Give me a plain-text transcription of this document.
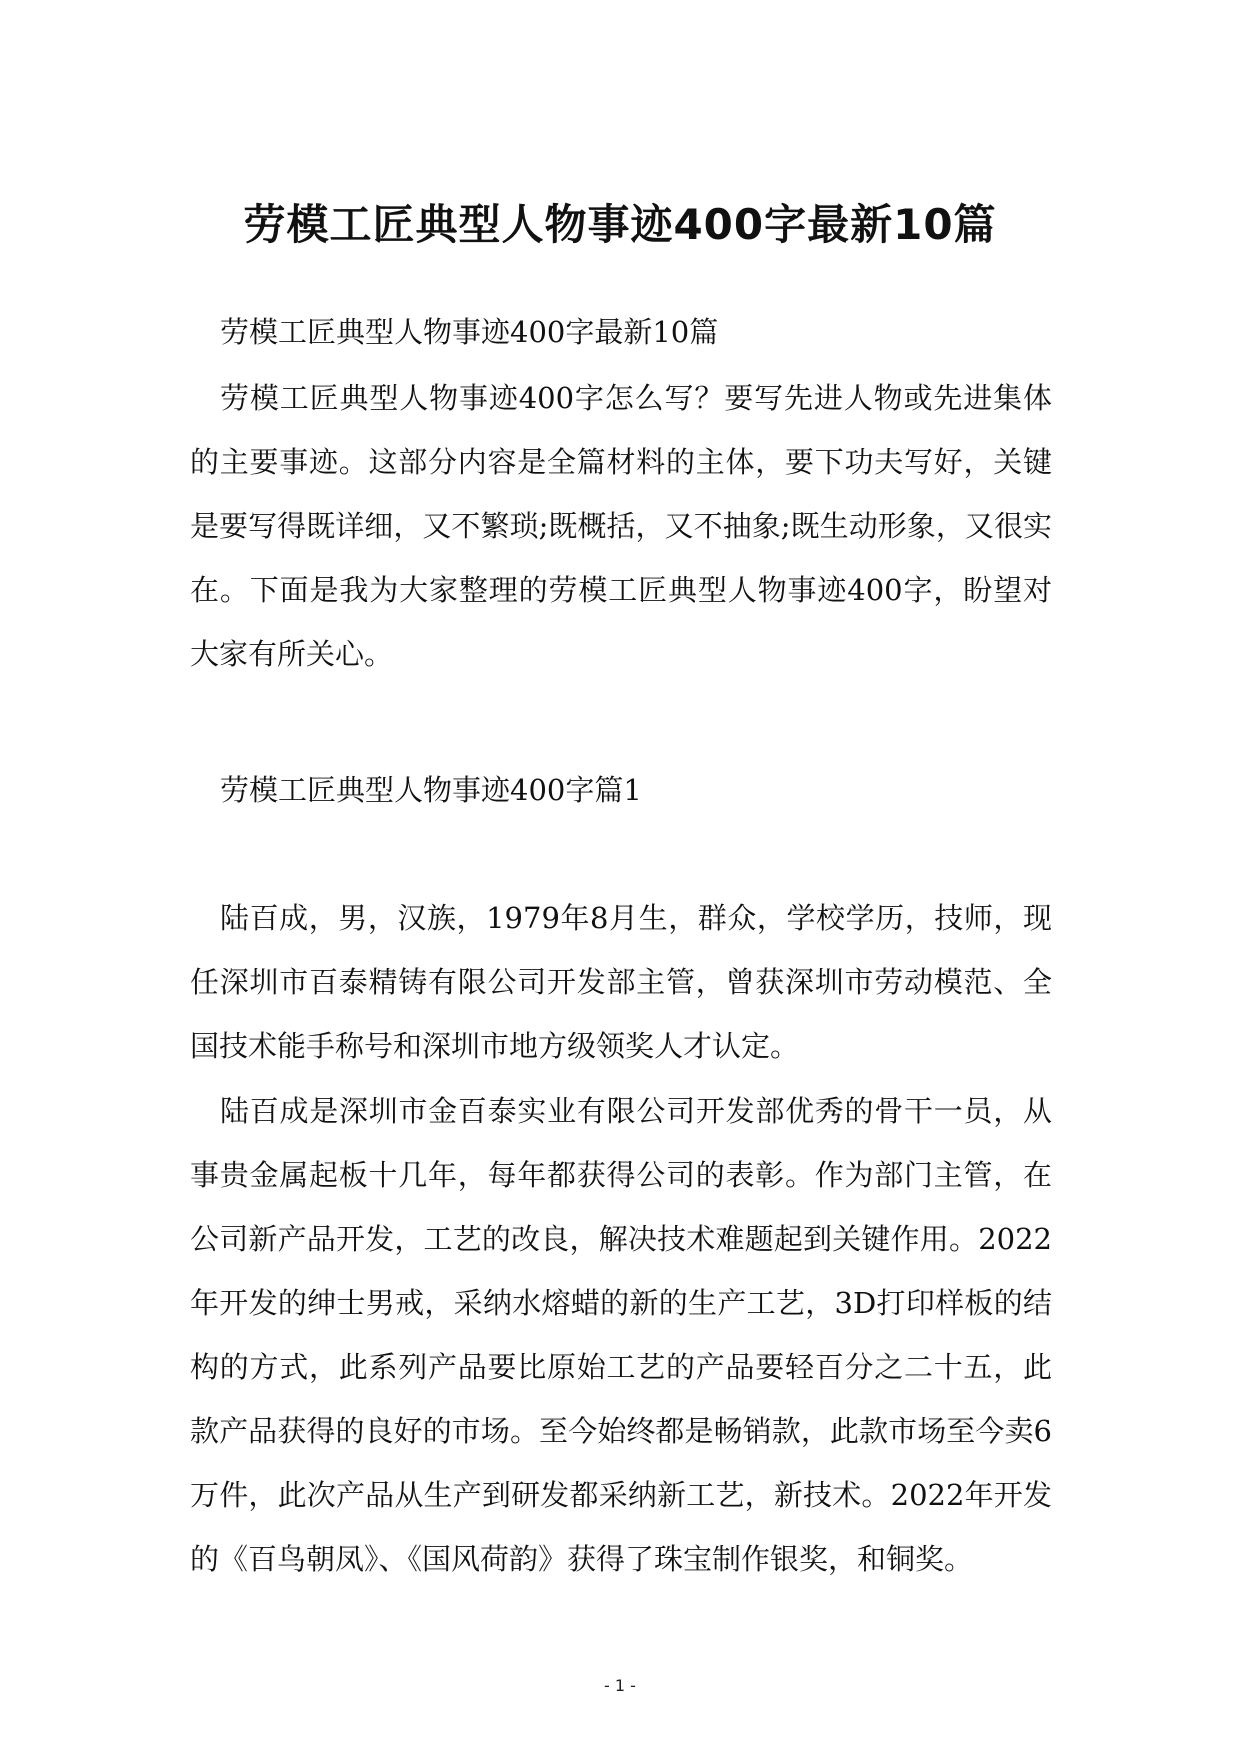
劳模工匠典型人物事迹400字最新10篇

劳模工匠典型人物事迹400字最新10篇

劳模工匠典型人物事迹400字怎么写？要写先进人物或先进集体的主要事迹。这部分内容是全篇材料的主体，要下功夫写好，关键是要写得既详细，又不繁琐;既概括，又不抽象;既生动形象，又很实在。下面是我为大家整理的劳模工匠典型人物事迹400字，盼望对大家有所关心。

劳模工匠典型人物事迹400字篇1

陆百成，男，汉族，1979年8月生，群众，学校学历，技师，现任深圳市百泰精铸有限公司开发部主管，曾获深圳市劳动模范、全国技术能手称号和深圳市地方级领奖人才认定。

陆百成是深圳市金百泰实业有限公司开发部优秀的骨干一员，从事贵金属起板十几年，每年都获得公司的表彰。作为部门主管，在公司新产品开发，工艺的改良，解决技术难题起到关键作用。2022年开发的绅士男戒，采纳水熔蜡的新的生产工艺，3D打印样板的结构的方式，此系列产品要比原始工艺的产品要轻百分之二十五，此款产品获得的良好的市场。至今始终都是畅销款，此款市场至今卖6万件，此次产品从生产到研发都采纳新工艺，新技术。2022年开发的《百鸟朝凤》、《国风荷韵》获得了珠宝制作银奖，和铜奖。

- 1 -
